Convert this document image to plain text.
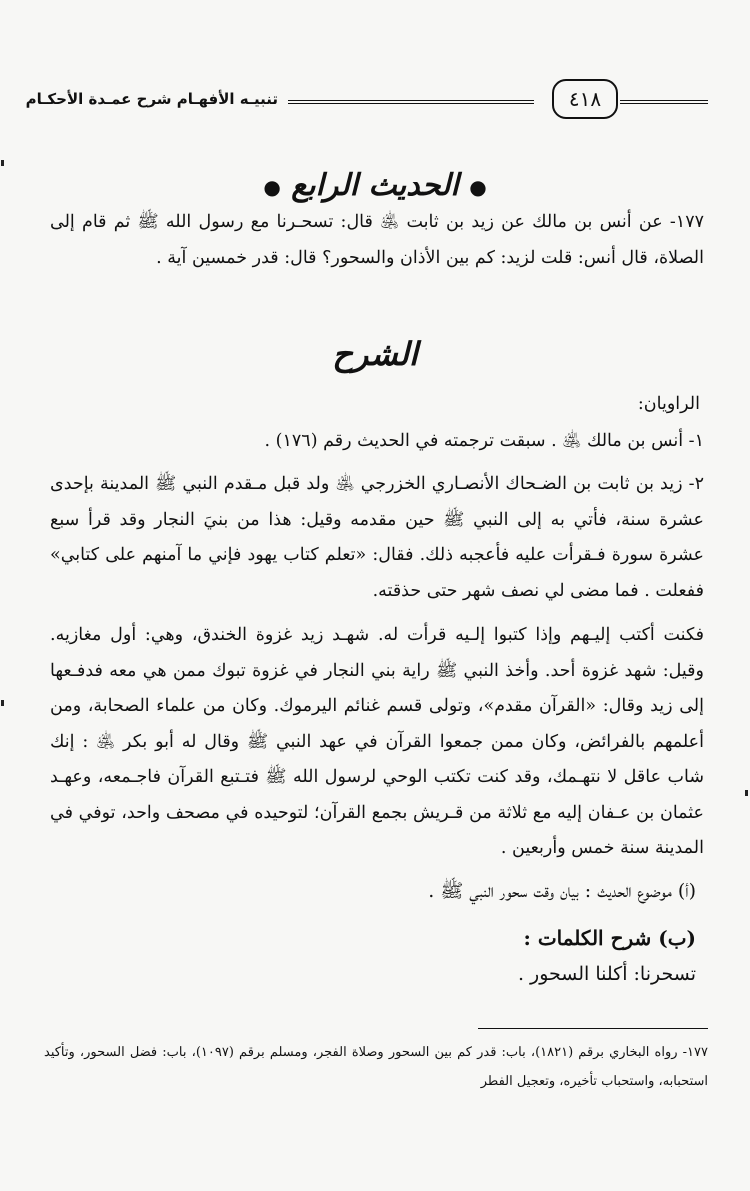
تنبيـه الأفهـام شرح عمـدة الأحكـام	٤١٨
● الحديث الرابع ●

١٧٧- عن أنس بن مالك عن زيد بن ثابت ﵁ قال: تسحـرنا مع رسول الله ﷺ ثم قام إلى الصلاة، قال أنس: قلت لزيد: كم بين الأذان والسحور؟ قال: قدر خمسين آية .

الشرح
الراويان:

١- أنس بن مالك ﵁ . سبقت ترجمته في الحديث رقم (١٧٦) .

٢- زيد بن ثابت بن الضـحاك الأنصـاري الخزرجي ﵁ ولد قبل مـقدم النبي ﷺ المدينة بإحدى عشرة سنة، فأتي به إلى النبي ﷺ حين مقدمه وقيل: هذا من بنيَ النجار وقد قرأ سبع عشرة سورة فـقرأت عليه فأعجبه ذلك. فقال: «تعلم كتاب يهود فإني ما آمنهم على كتابي» ففعلت . فما مضى لي نصف شهر حتى حذقته.

فكنت أكتب إليـهم وإذا كتبوا إلـيه قرأت له. شهـد زيد غزوة الخندق، وهي: أول مغازيه. وقيل: شهد غزوة أحد. وأخذ النبي ﷺ راية بني النجار في غزوة تبوك ممن هي معه فدفـعها إلى زيد وقال: «القرآن مقدم»، وتولى قسم غنائم اليرموك. وكان من علماء الصحابة، ومن أعلمهم بالفرائض، وكان ممن جمعوا القرآن في عهد النبي ﷺ وقال له أبو بكر ﵁ : إنك شاب عاقل لا نتهـمك، وقد كنت تكتب الوحي لرسول الله ﷺ فتـتبع القرآن فاجـمعه، وعهـد عثمان بن عـفان إليه مع ثلاثة من قـريش بجمع القرآن؛ لتوحيده في مصحف واحد، توفي في المدينة سنة خمس وأربعين .

(أ) موضوع الحديث : بيان وقت سحور النبي ﷺ .
(ب) شرح الكلمات :
تسحرنا: أكلنا السحور .

١٧٧- رواه البخاري برقم (١٨٢١)، باب: قدر كم بين السحور وصلاة الفجر، ومسلم برقم (١٠٩٧)، باب: فضل السحور، وتأكيد استحبابه، واستحباب تأخيره، وتعجيل الفطر
